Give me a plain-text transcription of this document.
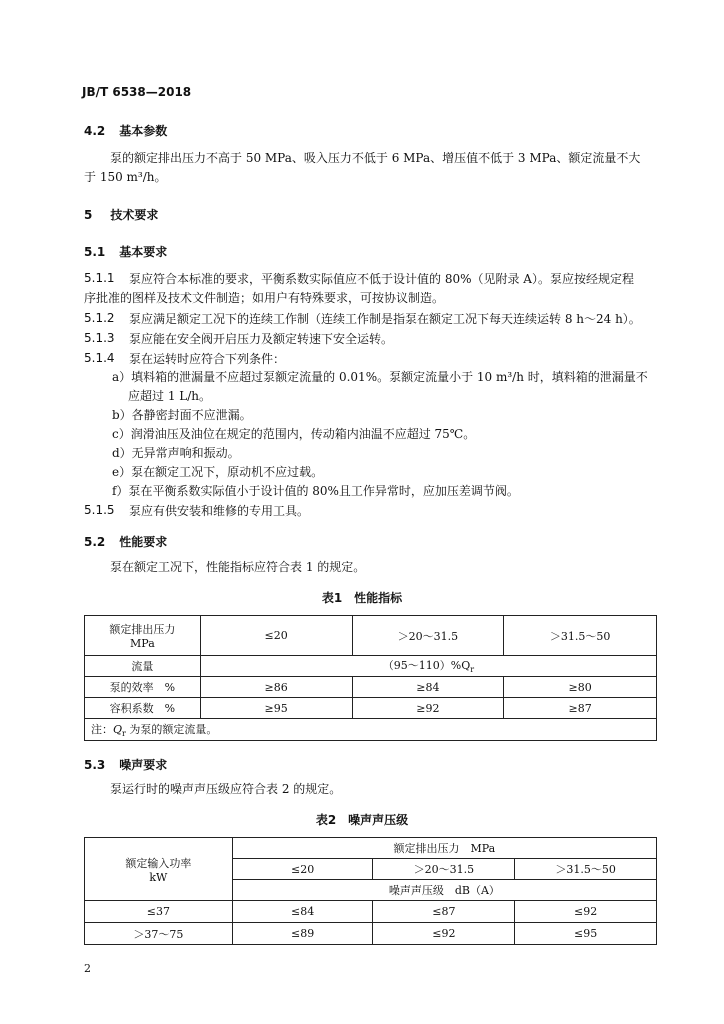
JB/T 6538—2018
4.2 基本参数
泵的额定排出压力不高于 50 MPa、吸入压力不低于 6 MPa、增压值不低于 3 MPa、额定流量不大
于 150 m³/h。
5 技术要求
5.1 基本要求
5.1.1 泵应符合本标准的要求，平衡系数实际值应不低于设计值的 80%（见附录 A）。泵应按经规定程
序批准的图样及技术文件制造；如用户有特殊要求，可按协议制造。
5.1.2 泵应满足额定工况下的连续工作制（连续工作制是指泵在额定工况下每天连续运转 8 h～24 h）。
5.1.3 泵应能在安全阀开启压力及额定转速下安全运转。
5.1.4 泵在运转时应符合下列条件：
a）填料箱的泄漏量不应超过泵额定流量的 0.01%。泵额定流量小于 10 m³/h 时，填料箱的泄漏量不
应超过 1 L/h。
b）各静密封面不应泄漏。
c）润滑油压及油位在规定的范围内，传动箱内油温不应超过 75℃。
d）无异常声响和振动。
e）泵在额定工况下，原动机不应过载。
f）泵在平衡系数实际值小于设计值的 80%且工作异常时，应加压差调节阀。
5.1.5 泵应有供安装和维修的专用工具。
5.2 性能要求
泵在额定工况下，性能指标应符合表 1 的规定。
表1　性能指标
额定排出压力
MPa	≤20	＞20～31.5	＞31.5～50
流量	$(95\sim 110)\%Q_r$
泵的效率　%	≥86	≥84	≥80
容积系数　%	≥95	≥92	≥87
注：$Q_r$ 为泵的额定流量。			
5.3 噪声要求
泵运行时的噪声声压级应符合表 2 的规定。
表2　噪声声压级
额定输入功率
kW	额定排出压力　MPa		
	≤20	＞20～31.5	＞31.5～50
	噪声声压级　dB（A）		
≤37	≤84	≤87	≤92
＞37～75	≤89	≤92	≤95
2
